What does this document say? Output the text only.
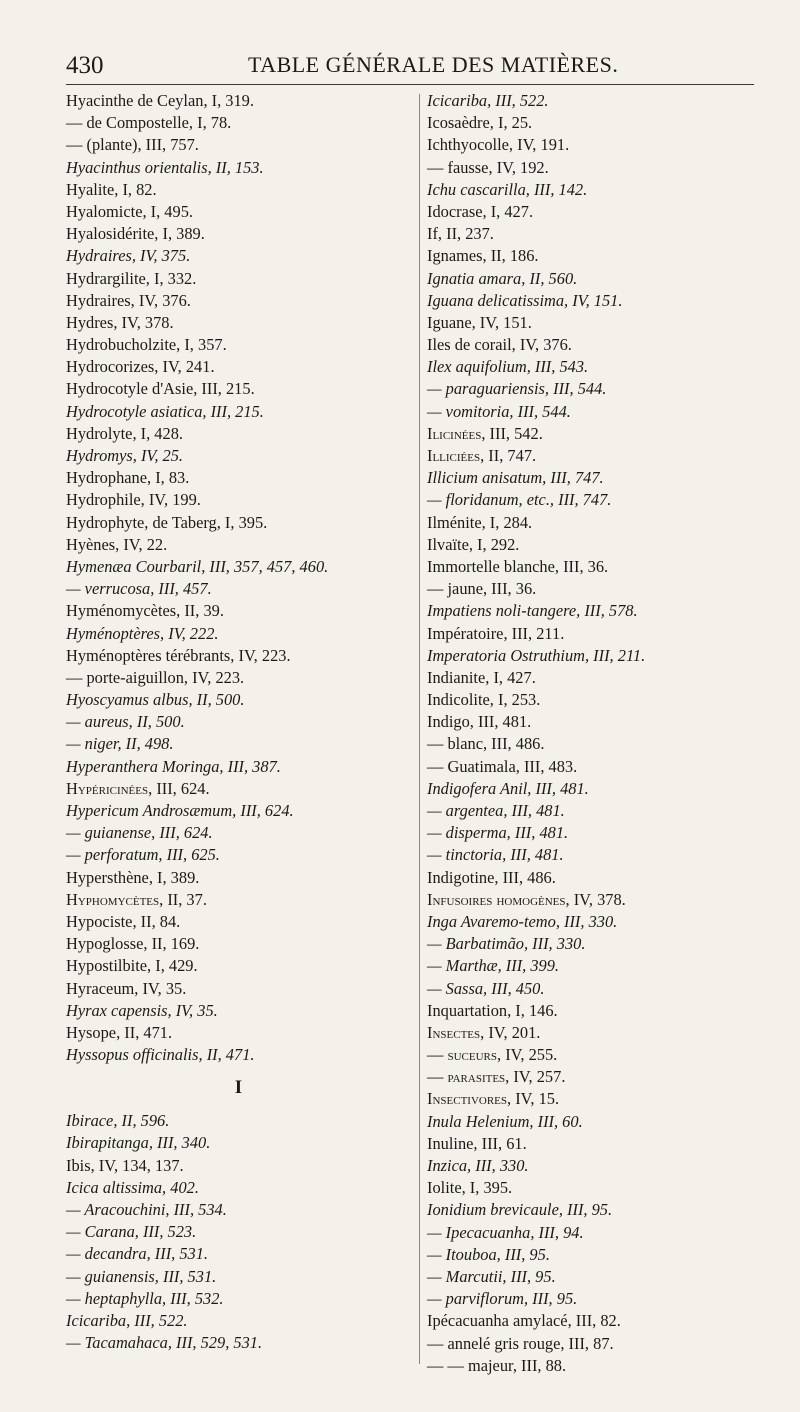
430	TABLE GÉNÉRALE DES MATIÈRES.
Hyacinthe de Ceylan, I, 319.
— de Compostelle, I, 78.
— (plante), III, 757.
Hyacinthus orientalis, II, 153.
Hyalite, I, 82.
Hyalomicte, I, 495.
Hyalosidérite, I, 389.
Hydraires, IV, 375.
Hydrargilite, I, 332.
Hydraires, IV, 376.
Hydres, IV, 378.
Hydrobucholzite, I, 357.
Hydrocorizes, IV, 241.
Hydrocotyle d'Asie, III, 215.
Hydrocotyle asiatica, III, 215.
Hydrolyte, I, 428.
Hydromys, IV, 25.
Hydrophane, I, 83.
Hydrophile, IV, 199.
Hydrophyte, de Taberg, I, 395.
Hyènes, IV, 22.
Hymenæa Courbaril, III, 357, 457, 460.
— verrucosa, III, 457.
Hyménomycètes, II, 39.
Hyménoptères, IV, 222.
Hyménoptères térébrants, IV, 223.
— porte-aiguillon, IV, 223.
Hyoscyamus albus, II, 500.
— aureus, II, 500.
— niger, II, 498.
Hyperanthera Moringa, III, 387.
Hypéricinées, III, 624.
Hypericum Androsæmum, III, 624.
— guianense, III, 624.
— perforatum, III, 625.
Hypersthène, I, 389.
Hyphomycètes, II, 37.
Hypociste, II, 84.
Hypoglosse, II, 169.
Hypostilbite, I, 429.
Hyraceum, IV, 35.
Hyrax capensis, IV, 35.
Hysope, II, 471.
Hyssopus officinalis, II, 471.
I
Ibirace, II, 596.
Ibirapitanga, III, 340.
Ibis, IV, 134, 137.
Icica altissima, 402.
— Aracouchini, III, 534.
— Carana, III, 523.
— decandra, III, 531.
— guianensis, III, 531.
— heptaphylla, III, 532.
Icicariba, III, 522.
— Tacamahaca, III, 529, 531.
Icicariba, III, 522.
Icosaèdre, I, 25.
Ichthyocolle, IV, 191.
— fausse, IV, 192.
Ichu cascarilla, III, 142.
Idocrase, I, 427.
If, II, 237.
Ignames, II, 186.
Ignatia amara, II, 560.
Iguana delicatissima, IV, 151.
Iguane, IV, 151.
Iles de corail, IV, 376.
Ilex aquifolium, III, 543.
— paraguariensis, III, 544.
— vomitoria, III, 544.
Ilicinées, III, 542.
Illiciées, II, 747.
Illicium anisatum, III, 747.
— floridanum, etc., III, 747.
Ilménite, I, 284.
Ilvaïte, I, 292.
Immortelle blanche, III, 36.
— jaune, III, 36.
Impatiens noli-tangere, III, 578.
Impératoire, III, 211.
Imperatoria Ostruthium, III, 211.
Indianite, I, 427.
Indicolite, I, 253.
Indigo, III, 481.
— blanc, III, 486.
— Guatimala, III, 483.
Indigofera Anil, III, 481.
— argentea, III, 481.
— disperma, III, 481.
— tinctoria, III, 481.
Indigotine, III, 486.
Infusoires homogènes, IV, 378.
Inga Avaremo-temo, III, 330.
— Barbatimão, III, 330.
— Marthæ, III, 399.
— Sassa, III, 450.
Inquartation, I, 146.
Insectes, IV, 201.
— suceurs, IV, 255.
— parasites, IV, 257.
Insectivores, IV, 15.
Inula Helenium, III, 60.
Inuline, III, 61.
Inzica, III, 330.
Iolite, I, 395.
Ionidium brevicaule, III, 95.
— Ipecacuanha, III, 94.
— Itouboa, III, 95.
— Marcutii, III, 95.
— parviflorum, III, 95.
Ipécacuanha amylacé, III, 82.
— annelé gris rouge, III, 87.
— — majeur, III, 88.
